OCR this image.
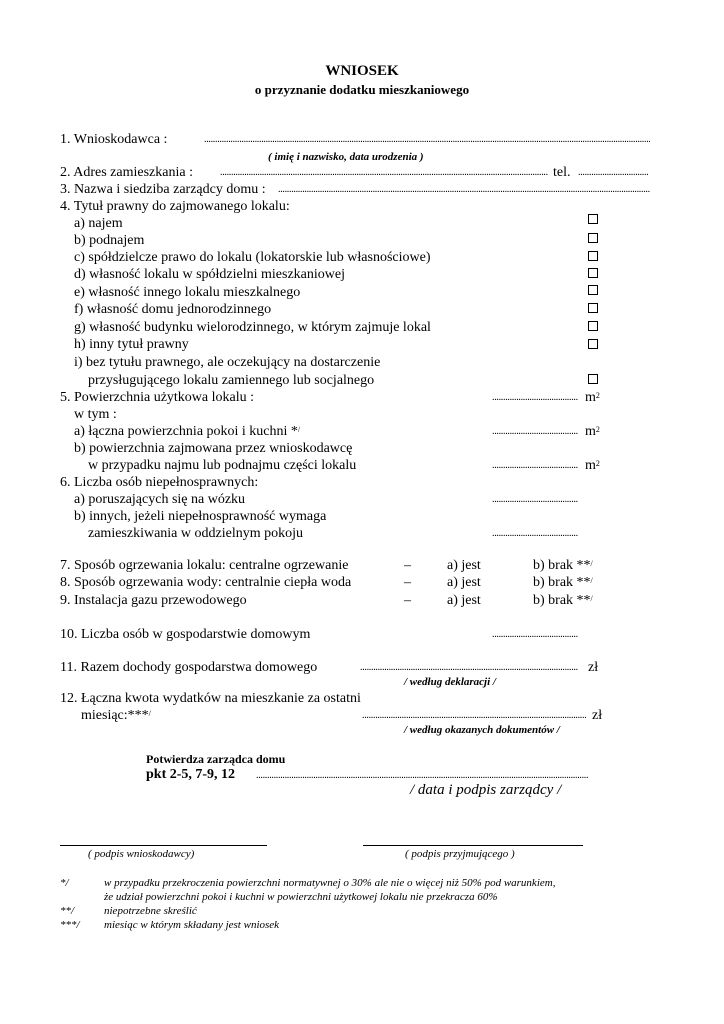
WNIOSEK
o przyznanie dodatku mieszkaniowego
1. Wnioskodawca :
.....
( imię i nazwisko, data urodzenia )
2. Adres zamieszkania : .....	tel.
.....
3. Nazwa i siedziba zarządcy domu :
.....
4. Tytuł prawny do zajmowanego lokalu:
a) najem
b) podnajem
c) spółdzielcze prawo do lokalu (lokatorskie lub własnościowe)
d) własność lokalu w spółdzielni mieszkaniowej
e) własność innego lokalu mieszkalnego
f) własność domu jednorodzinnego
g) własność budynku wielorodzinnego, w którym zajmuje lokal
h) inny tytuł prawny
i) bez tytułu prawnego, ale oczekujący na dostarczenie
przysługującego lokalu zamiennego lub socjalnego
5. Powierzchnia użytkowa lokalu : .....	$m^2$
w tym :
a) łączna powierzchnia pokoi i kuchni */ .....	$m^2$
b) powierzchnia zajmowana przez wnioskodawcę
w przypadku najmu lub podnajmu części lokalu .....	$m^2$
6. Liczba osób niepełnosprawnych:
a) poruszających się na wózku
.....
b) innych, jeżeli niepełnosprawność wymaga
zamieszkiwania w oddzielnym pokoju
.....
7. Sposób ogrzewania lokalu: centralne ogrzewanie	–	a) jest	b) brak **/
8. Sposób ogrzewania wody: centralnie ciepła woda	–	a) jest	b) brak **/
9. Instalacja gazu przewodowego	–	a) jest	b) brak **/
10. Liczba osób w gospodarstwie domowym
.....
11. Razem dochody gospodarstwa domowego .....	zł
/ według deklaracji /
12. Łączna kwota wydatków na mieszkanie za ostatni
miesiąc:***/ .....	zł
/ według okazanych dokumentów /
Potwierdza zarządca domu
pkt 2-5, 7-9, 12
.....
/ data i podpis zarządcy /
( podpis wnioskodawcy)	( podpis przyjmującego )
*/	w przypadku przekroczenia powierzchni normatywnej o 30% ale nie o więcej niż 50% pod warunkiem,
że udział powierzchni pokoi i kuchni w powierzchni użytkowej lokalu nie przekracza 60%
**/	niepotrzebne skreślić
***/ miesiąc w którym składany jest wniosek
